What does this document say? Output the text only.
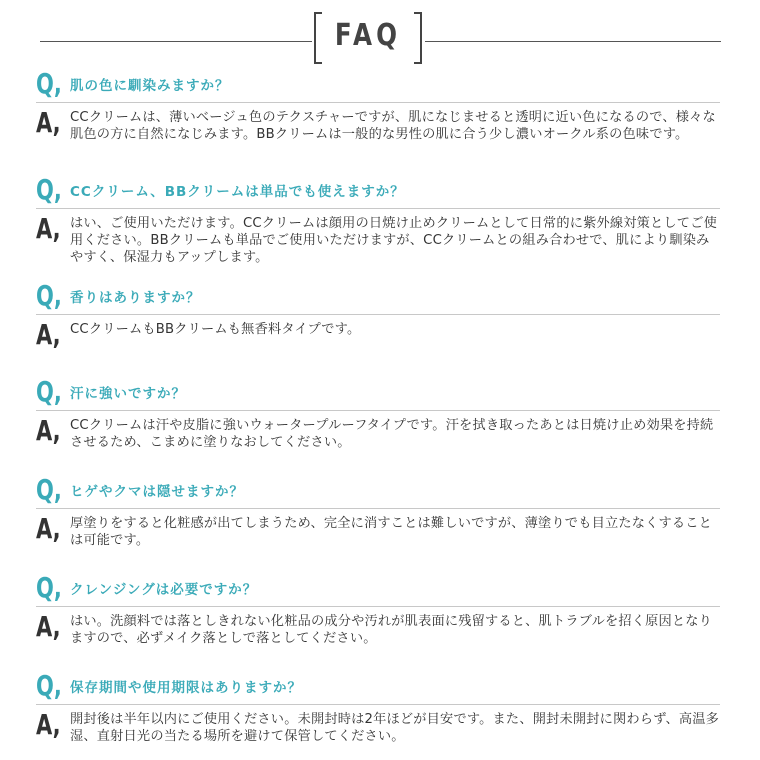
FAQ
Q, 肌の色に馴染みますか？
A, CCクリームは、薄いベージュ色のテクスチャーですが、肌になじませると透明に近い色になるので、様々な肌色の方に自然になじみます。BBクリームは一般的な男性の肌に合う少し濃いオークル系の色味です。
Q, CCクリーム、BBクリームは単品でも使えますか？
A, はい、ご使用いただけます。CCクリームは顔用の日焼け止めクリームとして日常的に紫外線対策としてご使用ください。BBクリームも単品でご使用いただけますが、CCクリームとの組み合わせで、肌により馴染みやすく、保湿力もアップします。
Q, 香りはありますか？
A, CCクリームもBBクリームも無香料タイプです。
Q, 汗に強いですか？
A, CCクリームは汗や皮脂に強いウォータープルーフタイプです。汗を拭き取ったあとは日焼け止め効果を持続させるため、こまめに塗りなおしてください。
Q, ヒゲやクマは隠せますか？
A, 厚塗りをすると化粧感が出てしまうため、完全に消すことは難しいですが、薄塗りでも目立たなくすることは可能です。
Q, クレンジングは必要ですか？
A, はい。洗顔料では落としきれない化粧品の成分や汚れが肌表面に残留すると、肌トラブルを招く原因となりますので、必ずメイク落としで落としてください。
Q, 保存期間や使用期限はありますか？
A, 開封後は半年以内にご使用ください。未開封時は2年ほどが目安です。また、開封未開封に関わらず、高温多湿、直射日光の当たる場所を避けて保管してください。
